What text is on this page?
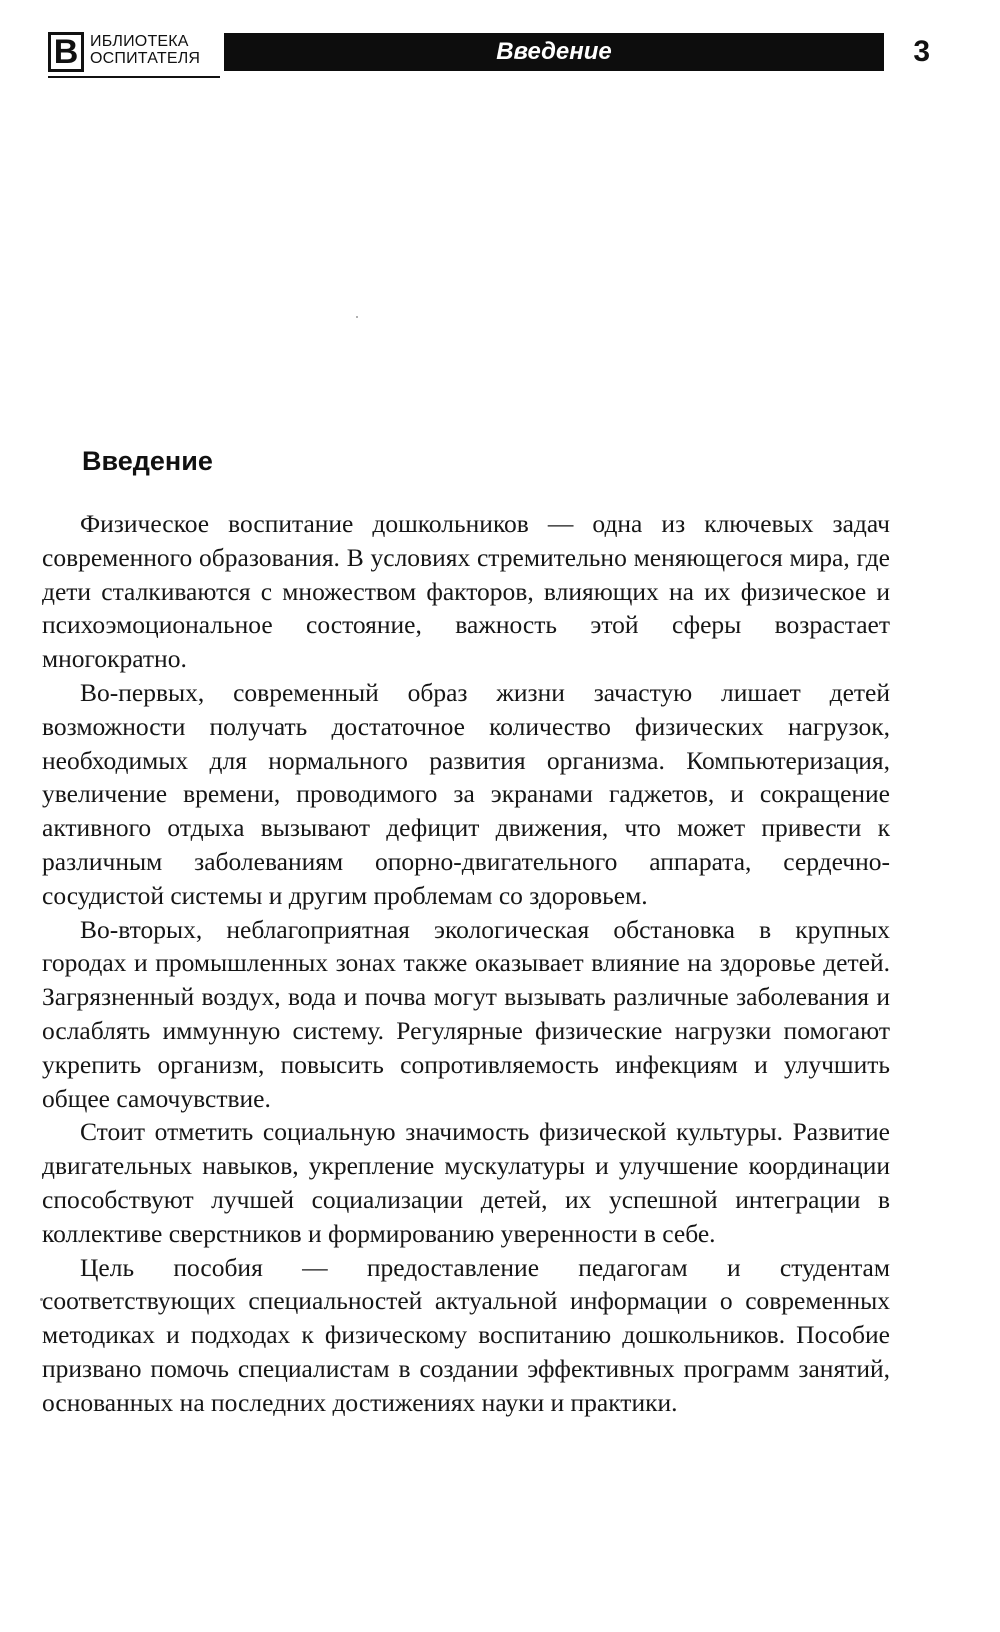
В ИБЛИОТЕКА
ОСПИТАТЕЛЯ	Введение	3
Введение

Физическое воспитание дошкольников — одна из ключевых задач современного образования. В условиях стремительно меняющегося мира, где дети сталкиваются с множеством факторов, влияющих на их физическое и психоэмоциональное состояние, важность этой сферы возрастает многократно.

Во-первых, современный образ жизни зачастую лишает детей возможности получать достаточное количество физических нагрузок, необходимых для нормального развития организма. Компьютеризация, увеличение времени, проводимого за экранами гаджетов, и сокращение активного отдыха вызывают дефицит движения, что может привести к различным заболеваниям опорно-двигательного аппарата, сердечно-сосудистой системы и другим проблемам со здоровьем.

Во-вторых, неблагоприятная экологическая обстановка в крупных городах и промышленных зонах также оказывает влияние на здоровье детей. Загрязненный воздух, вода и почва могут вызывать различные заболевания и ослаблять иммунную систему. Регулярные физические нагрузки помогают укрепить организм, повысить сопротивляемость инфекциям и улучшить общее самочувствие.

Стоит отметить социальную значимость физической культуры. Развитие двигательных навыков, укрепление мускулатуры и улучшение координации способствуют лучшей социализации детей, их успешной интеграции в коллективе сверстников и формированию уверенности в себе.

Цель пособия — предоставление педагогам и студентам соответствующих специальностей актуальной информации о современных методиках и подходах к физическому воспитанию дошкольников. Пособие призвано помочь специалистам в создании эффективных программ занятий, основанных на последних достижениях науки и практики.
